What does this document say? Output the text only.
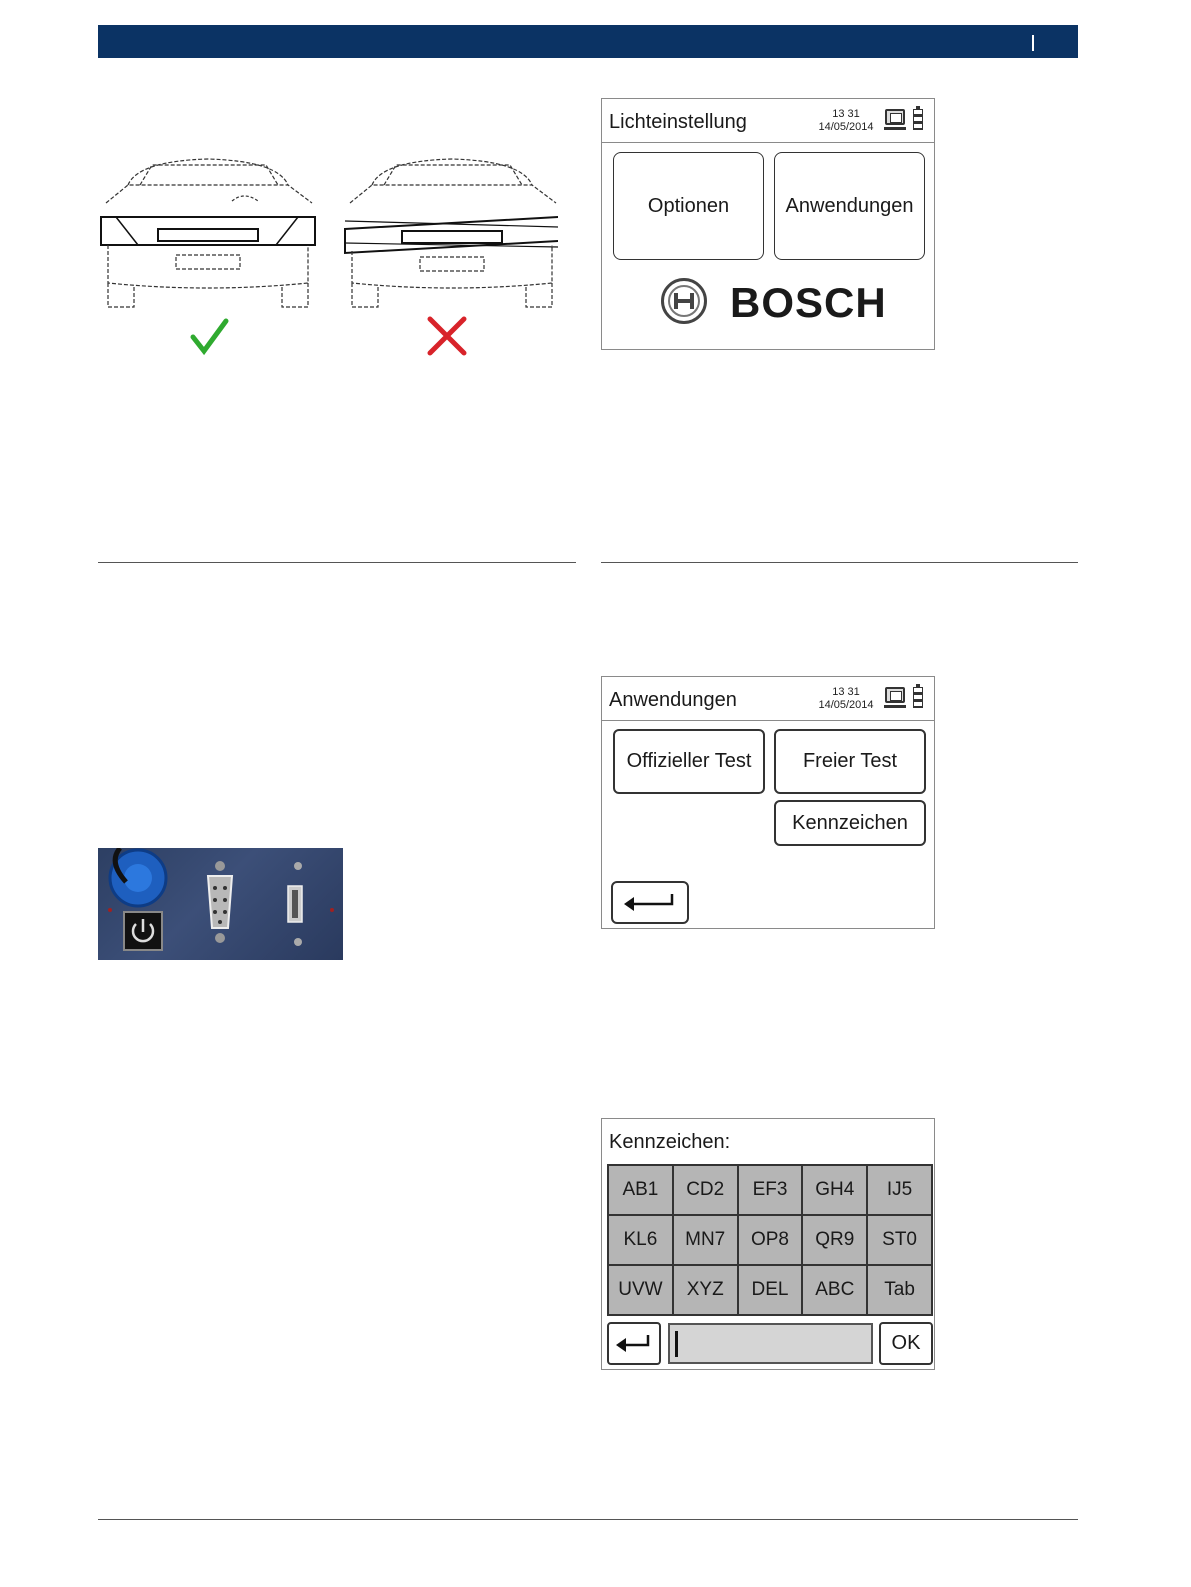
Lichteinstellung	13 31
14/05/2014
Optionen	Anwendungen
BOSCH
Anwendungen	13 31
14/05/2014
Offizieller Test	Freier Test
Kennzeichen
Kennzeichen:
AB1	CD2	EF3	GH4	IJ5
KL6	MN7	OP8	QR9	ST0
UVW	XYZ	DEL	ABC	Tab
OK
